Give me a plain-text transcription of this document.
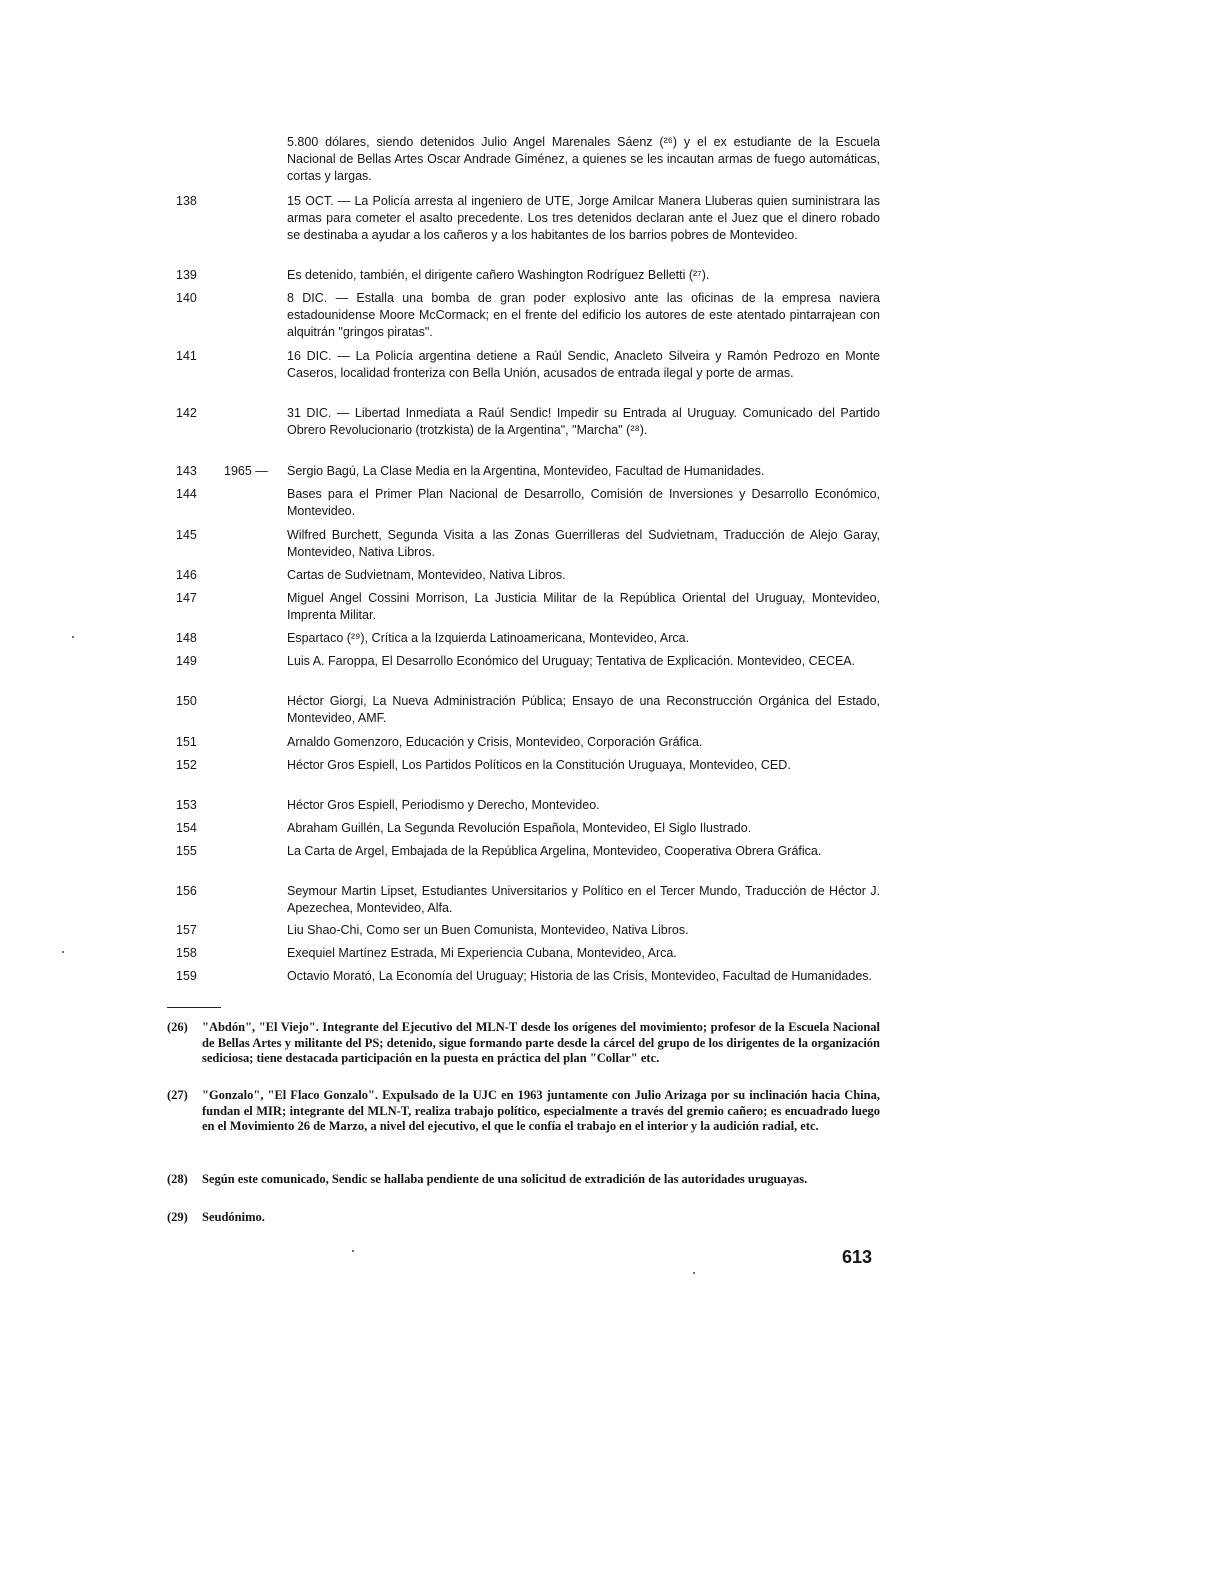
5.800 dólares, siendo detenidos Julio Angel Marenales Sáenz (²⁶) y el ex estudiante de la Escuela Nacional de Bellas Artes Oscar Andrade Giménez, a quienes se les incautan armas de fuego automáticas, cortas y largas.
138	15 OCT. — La Policía arresta al ingeniero de UTE, Jorge Amilcar Manera Lluberas quien suministrara las armas para cometer el asalto precedente. Los tres detenidos declaran ante el Juez que el dinero robado se destinaba a ayudar a los cañeros y a los habitantes de los barrios pobres de Montevideo.
139	Es detenido, también, el dirigente cañero Washington Rodríguez Belletti (²⁷).
140	8 DIC. — Estalla una bomba de gran poder explosivo ante las oficinas de la empresa naviera estadounidense Moore McCormack; en el frente del edificio los autores de este atentado pintarrajean con alquitrán "gringos piratas".
141	16 DIC. — La Policía argentina detiene a Raúl Sendic, Anacleto Silveira y Ramón Pedrozo en Monte Caseros, localidad fronteriza con Bella Unión, acusados de entrada ilegal y porte de armas.
142	31 DIC. — Libertad Inmediata a Raúl Sendic! Impedir su Entrada al Uruguay. Comunicado del Partido Obrero Revolucionario (trotzkista) de la Argentina", "Marcha" (²⁸).
143	1965 —	Sergio Bagú, La Clase Media en la Argentina, Montevideo, Facultad de Humanidades.
144	Bases para el Primer Plan Nacional de Desarrollo, Comisión de Inversiones y Desarrollo Económico, Montevideo.
145	Wilfred Burchett, Segunda Visita a las Zonas Guerrilleras del Sudvietnam, Traducción de Alejo Garay, Montevideo, Nativa Libros.
146	Cartas de Sudvietnam, Montevideo, Nativa Libros.
147	Miguel Angel Cossini Morrison, La Justicia Militar de la República Oriental del Uruguay, Montevideo, Imprenta Militar.
148	Espartaco (²⁹), Crítica a la Izquierda Latinoamericana, Montevideo, Arca.
149	Luis A. Faroppa, El Desarrollo Económico del Uruguay; Tentativa de Explicación. Montevideo, CECEA.
150	Héctor Giorgi, La Nueva Administración Pública; Ensayo de una Reconstrucción Orgánica del Estado, Montevideo, AMF.
151	Arnaldo Gomenzoro, Educación y Crisis, Montevideo, Corporación Gráfica.
152	Héctor Gros Espiell, Los Partidos Políticos en la Constitución Uruguaya, Montevideo, CED.
153	Héctor Gros Espiell, Periodismo y Derecho, Montevideo.
154	Abraham Guillén, La Segunda Revolución Española, Montevideo, El Siglo Ilustrado.
155	La Carta de Argel, Embajada de la República Argelina, Montevideo, Cooperativa Obrera Gráfica.
156	Seymour Martin Lipset, Estudiantes Universitarios y Político en el Tercer Mundo, Traducción de Héctor J. Apezechea, Montevideo, Alfa.
157	Liu Shao-Chi, Como ser un Buen Comunista, Montevideo, Nativa Libros.
158	Exequiel Martínez Estrada, Mi Experiencia Cubana, Montevideo, Arca.
159	Octavio Morató, La Economía del Uruguay; Historia de las Crisis, Montevideo, Facultad de Humanidades.
(26)	"Abdón", "El Viejo". Integrante del Ejecutivo del MLN-T desde los orígenes del movimiento; profesor de la Escuela Nacional de Bellas Artes y militante del PS; detenido, sigue formando parte desde la cárcel del grupo de los dirigentes de la organización sediciosa; tiene destacada participación en la puesta en práctica del plan "Collar" etc.
(27)	"Gonzalo", "El Flaco Gonzalo". Expulsado de la UJC en 1963 juntamente con Julio Arizaga por su inclinación hacia China, fundan el MIR; integrante del MLN-T, realiza trabajo político, especialmente a través del gremio cañero; es encuadrado luego en el Movimiento 26 de Marzo, a nivel del ejecutivo, el que le confía el trabajo en el interior y la audición radial, etc.
(28)	Según este comunicado, Sendic se hallaba pendiente de una solicitud de extradición de las autoridades uruguayas.
(29)	Seudónimo.
613
